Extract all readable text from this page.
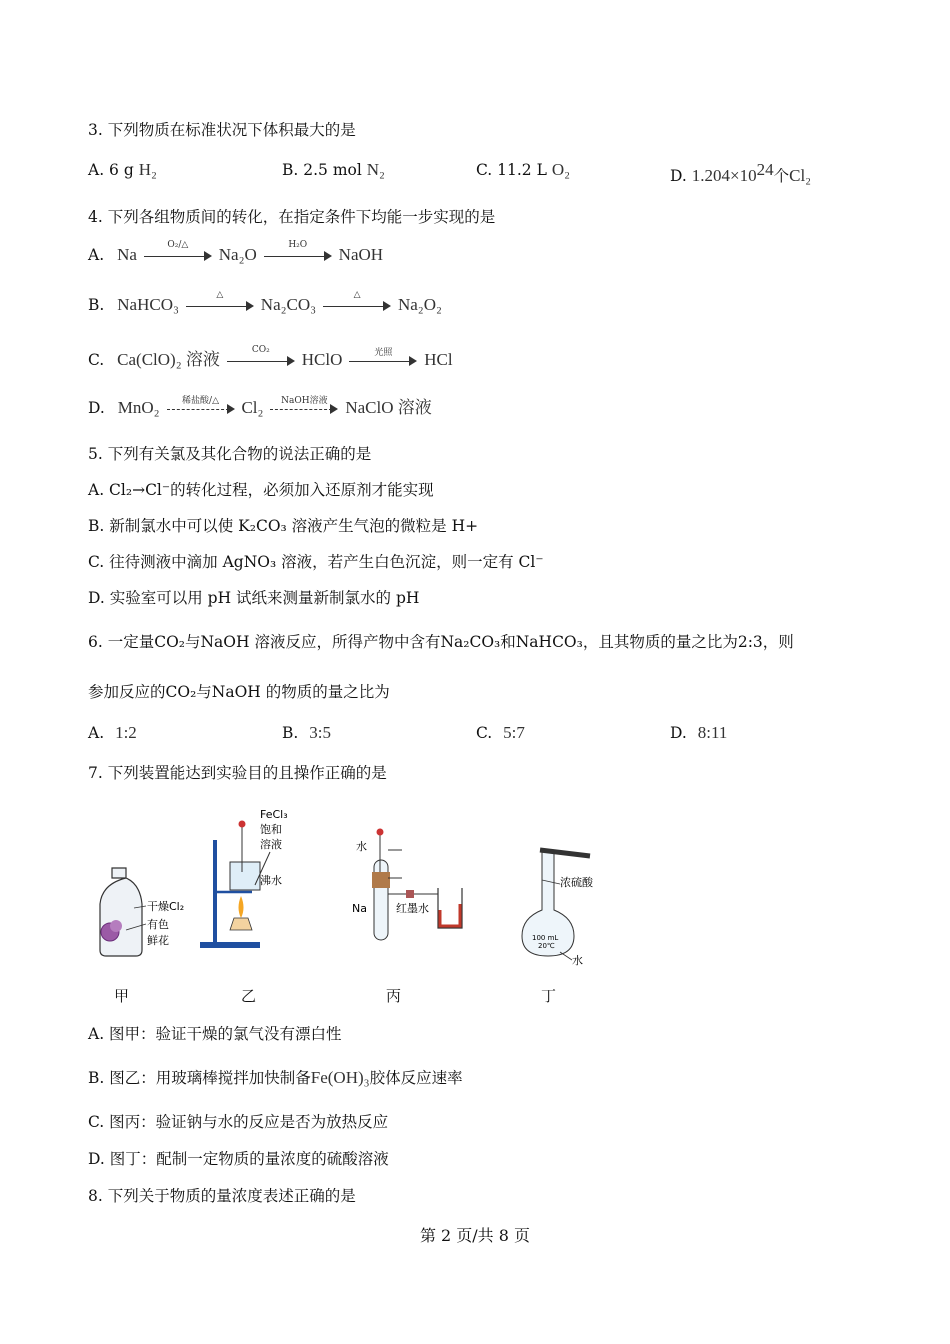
3. 下列物质在标准状况下体积最大的是
A. 6 g H₂	B. 2.5 mol N₂	C. 11.2 L O₂	D. $1.204\times 10^{24}$个Cl₂
4. 下列各组物质间的转化，在指定条件下均能一步实现的是
A. Na	O₂/△	Na₂O	H₂O	NaOH
B. NaHCO₃	△	Na₂CO₃	△	Na₂O₂
C. Ca(ClO)₂ 溶液	CO₂	HClO	光照	HCl
D. MnO₂	稀盐酸/△	Cl₂	NaOH溶液	NaClO 溶液
5. 下列有关氯及其化合物的说法正确的是
A. Cl₂→Cl⁻的转化过程，必须加入还原剂才能实现
B. 新制氯水中可以使 K₂CO₃ 溶液产生气泡的微粒是 H+
C. 往待测液中滴加 AgNO₃ 溶液，若产生白色沉淀，则一定有 Cl⁻
D. 实验室可以用 pH 试纸来测量新制氯水的 pH
6. 一定量CO₂与NaOH 溶液反应，所得产物中含有Na₂CO₃和NaHCO₃，且其物质的量之比为2:3，则
参加反应的CO₂与NaOH 的物质的量之比为
A. 1:2	B. 3:5	C. 5:7	D. 8:11
7. 下列装置能达到实验目的且操作正确的是
干燥Cl₂
有色
鲜花
FeCl₃
饱和
溶液
沸水
水
Na	红墨水
浓硫酸
100 mL
20℃
水
甲	乙	丙	丁
A. 图甲：验证干燥的氯气没有漂白性
B. 图乙：用玻璃棒搅拌加快制备Fe(OH)₃胶体反应速率
C. 图丙：验证钠与水的反应是否为放热反应
D. 图丁：配制一定物质的量浓度的硫酸溶液
8. 下列关于物质的量浓度表述正确的是
第 2 页/共 8 页
